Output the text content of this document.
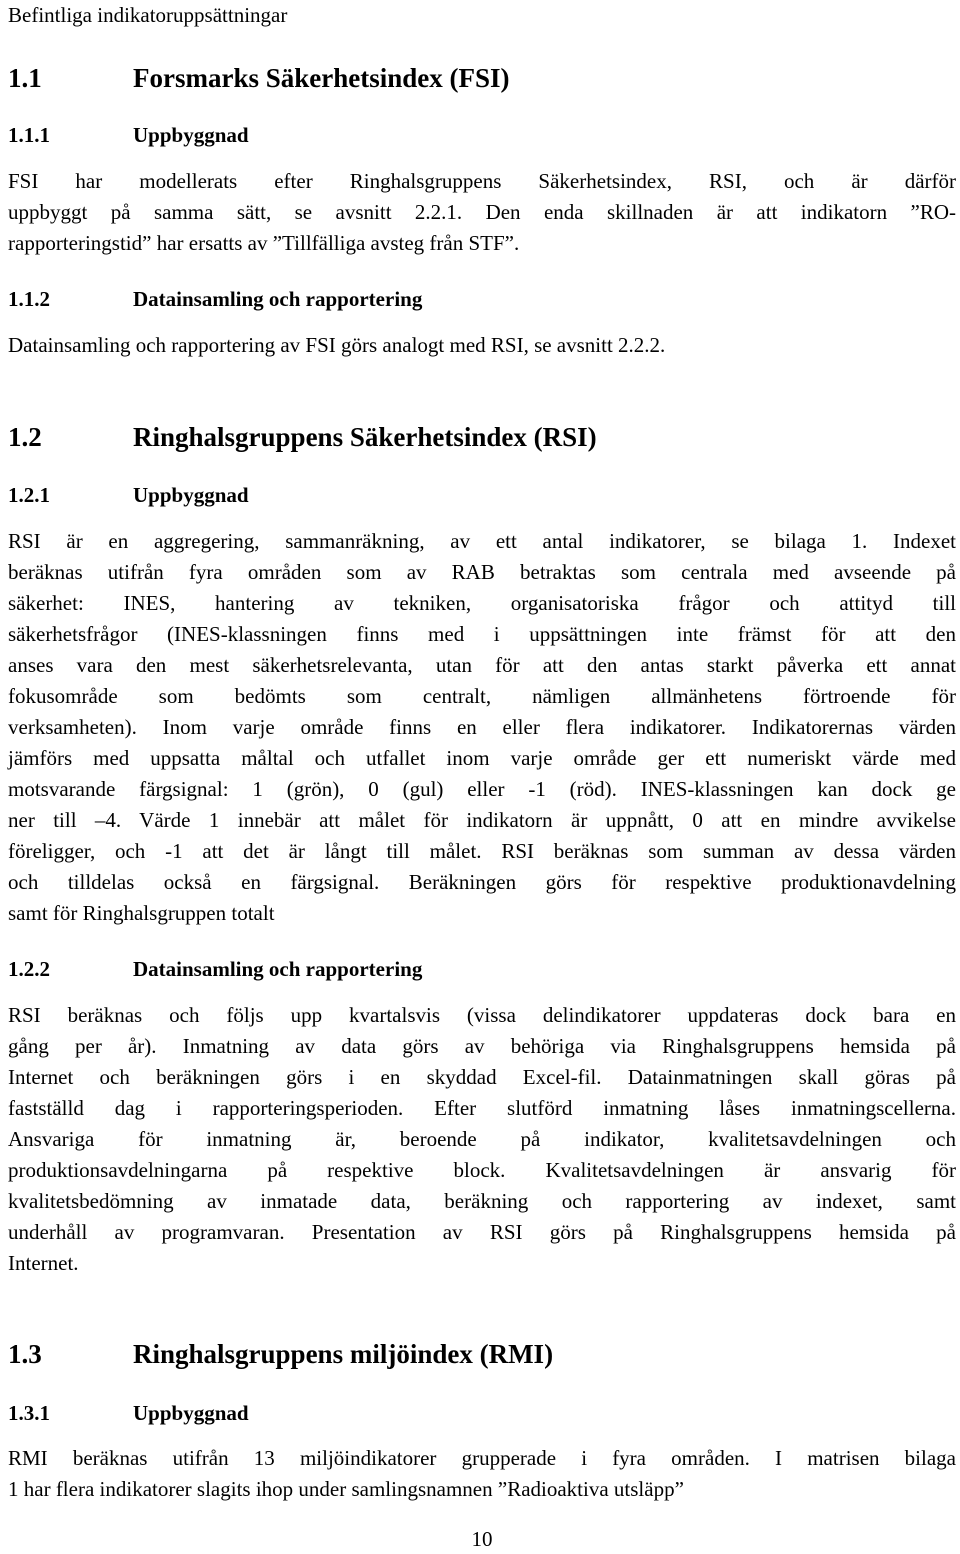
Befintliga indikatoruppsättningar
1.1	Forsmarks Säkerhetsindex (FSI)
1.1.1	Uppbyggnad
FSI har modellerats efter Ringhalsgruppens Säkerhetsindex, RSI, och är därför
uppbyggt på samma sätt, se avsnitt 2.2.1. Den enda skillnaden är att indikatorn ”RO-
rapporteringstid” har ersatts av ”Tillfälliga avsteg från STF”.
1.1.2	Datainsamling och rapportering
Datainsamling och rapportering av FSI görs analogt med RSI, se avsnitt 2.2.2.
1.2	Ringhalsgruppens Säkerhetsindex (RSI)
1.2.1	Uppbyggnad
RSI är en aggregering, sammanräkning, av ett antal indikatorer, se bilaga 1. Indexet
beräknas utifrån fyra områden som av RAB betraktas som centrala med avseende på
säkerhet: INES, hantering av tekniken, organisatoriska frågor och attityd till
säkerhetsfrågor (INES-klassningen finns med i uppsättningen inte främst för att den
anses vara den mest säkerhetsrelevanta, utan för att den antas starkt påverka ett annat
fokusområde som bedömts som centralt, nämligen allmänhetens förtroende för
verksamheten). Inom varje område finns en eller flera indikatorer. Indikatorernas värden
jämförs med uppsatta måltal och utfallet inom varje område ger ett numeriskt värde med
motsvarande färgsignal: 1 (grön), 0 (gul) eller -1 (röd). INES-klassningen kan dock ge
ner till –4. Värde 1 innebär att målet för indikatorn är uppnått, 0 att en mindre avvikelse
föreligger, och -1 att det är långt till målet. RSI beräknas som summan av dessa värden
och tilldelas också en färgsignal. Beräkningen görs för respektive produktionavdelning
samt för Ringhalsgruppen totalt
1.2.2	Datainsamling och rapportering
RSI beräknas och följs upp kvartalsvis (vissa delindikatorer uppdateras dock bara en
gång per år). Inmatning av data görs av behöriga via Ringhalsgruppens hemsida på
Internet och beräkningen görs i en skyddad Excel-fil. Datainmatningen skall göras på
fastställd dag i rapporteringsperioden. Efter slutförd inmatning låses inmatningscellerna.
Ansvariga för inmatning är, beroende på indikator, kvalitetsavdelningen och
produktionsavdelningarna på respektive block. Kvalitetsavdelningen är ansvarig för
kvalitetsbedömning av inmatade data, beräkning och rapportering av indexet, samt
underhåll av programvaran. Presentation av RSI görs på Ringhalsgruppens hemsida på
Internet.
1.3	Ringhalsgruppens miljöindex (RMI)
1.3.1	Uppbyggnad
RMI beräknas utifrån 13 miljöindikatorer grupperade i fyra områden. I matrisen bilaga
1 har flera indikatorer slagits ihop under samlingsnamnen ”Radioaktiva utsläpp”
10
